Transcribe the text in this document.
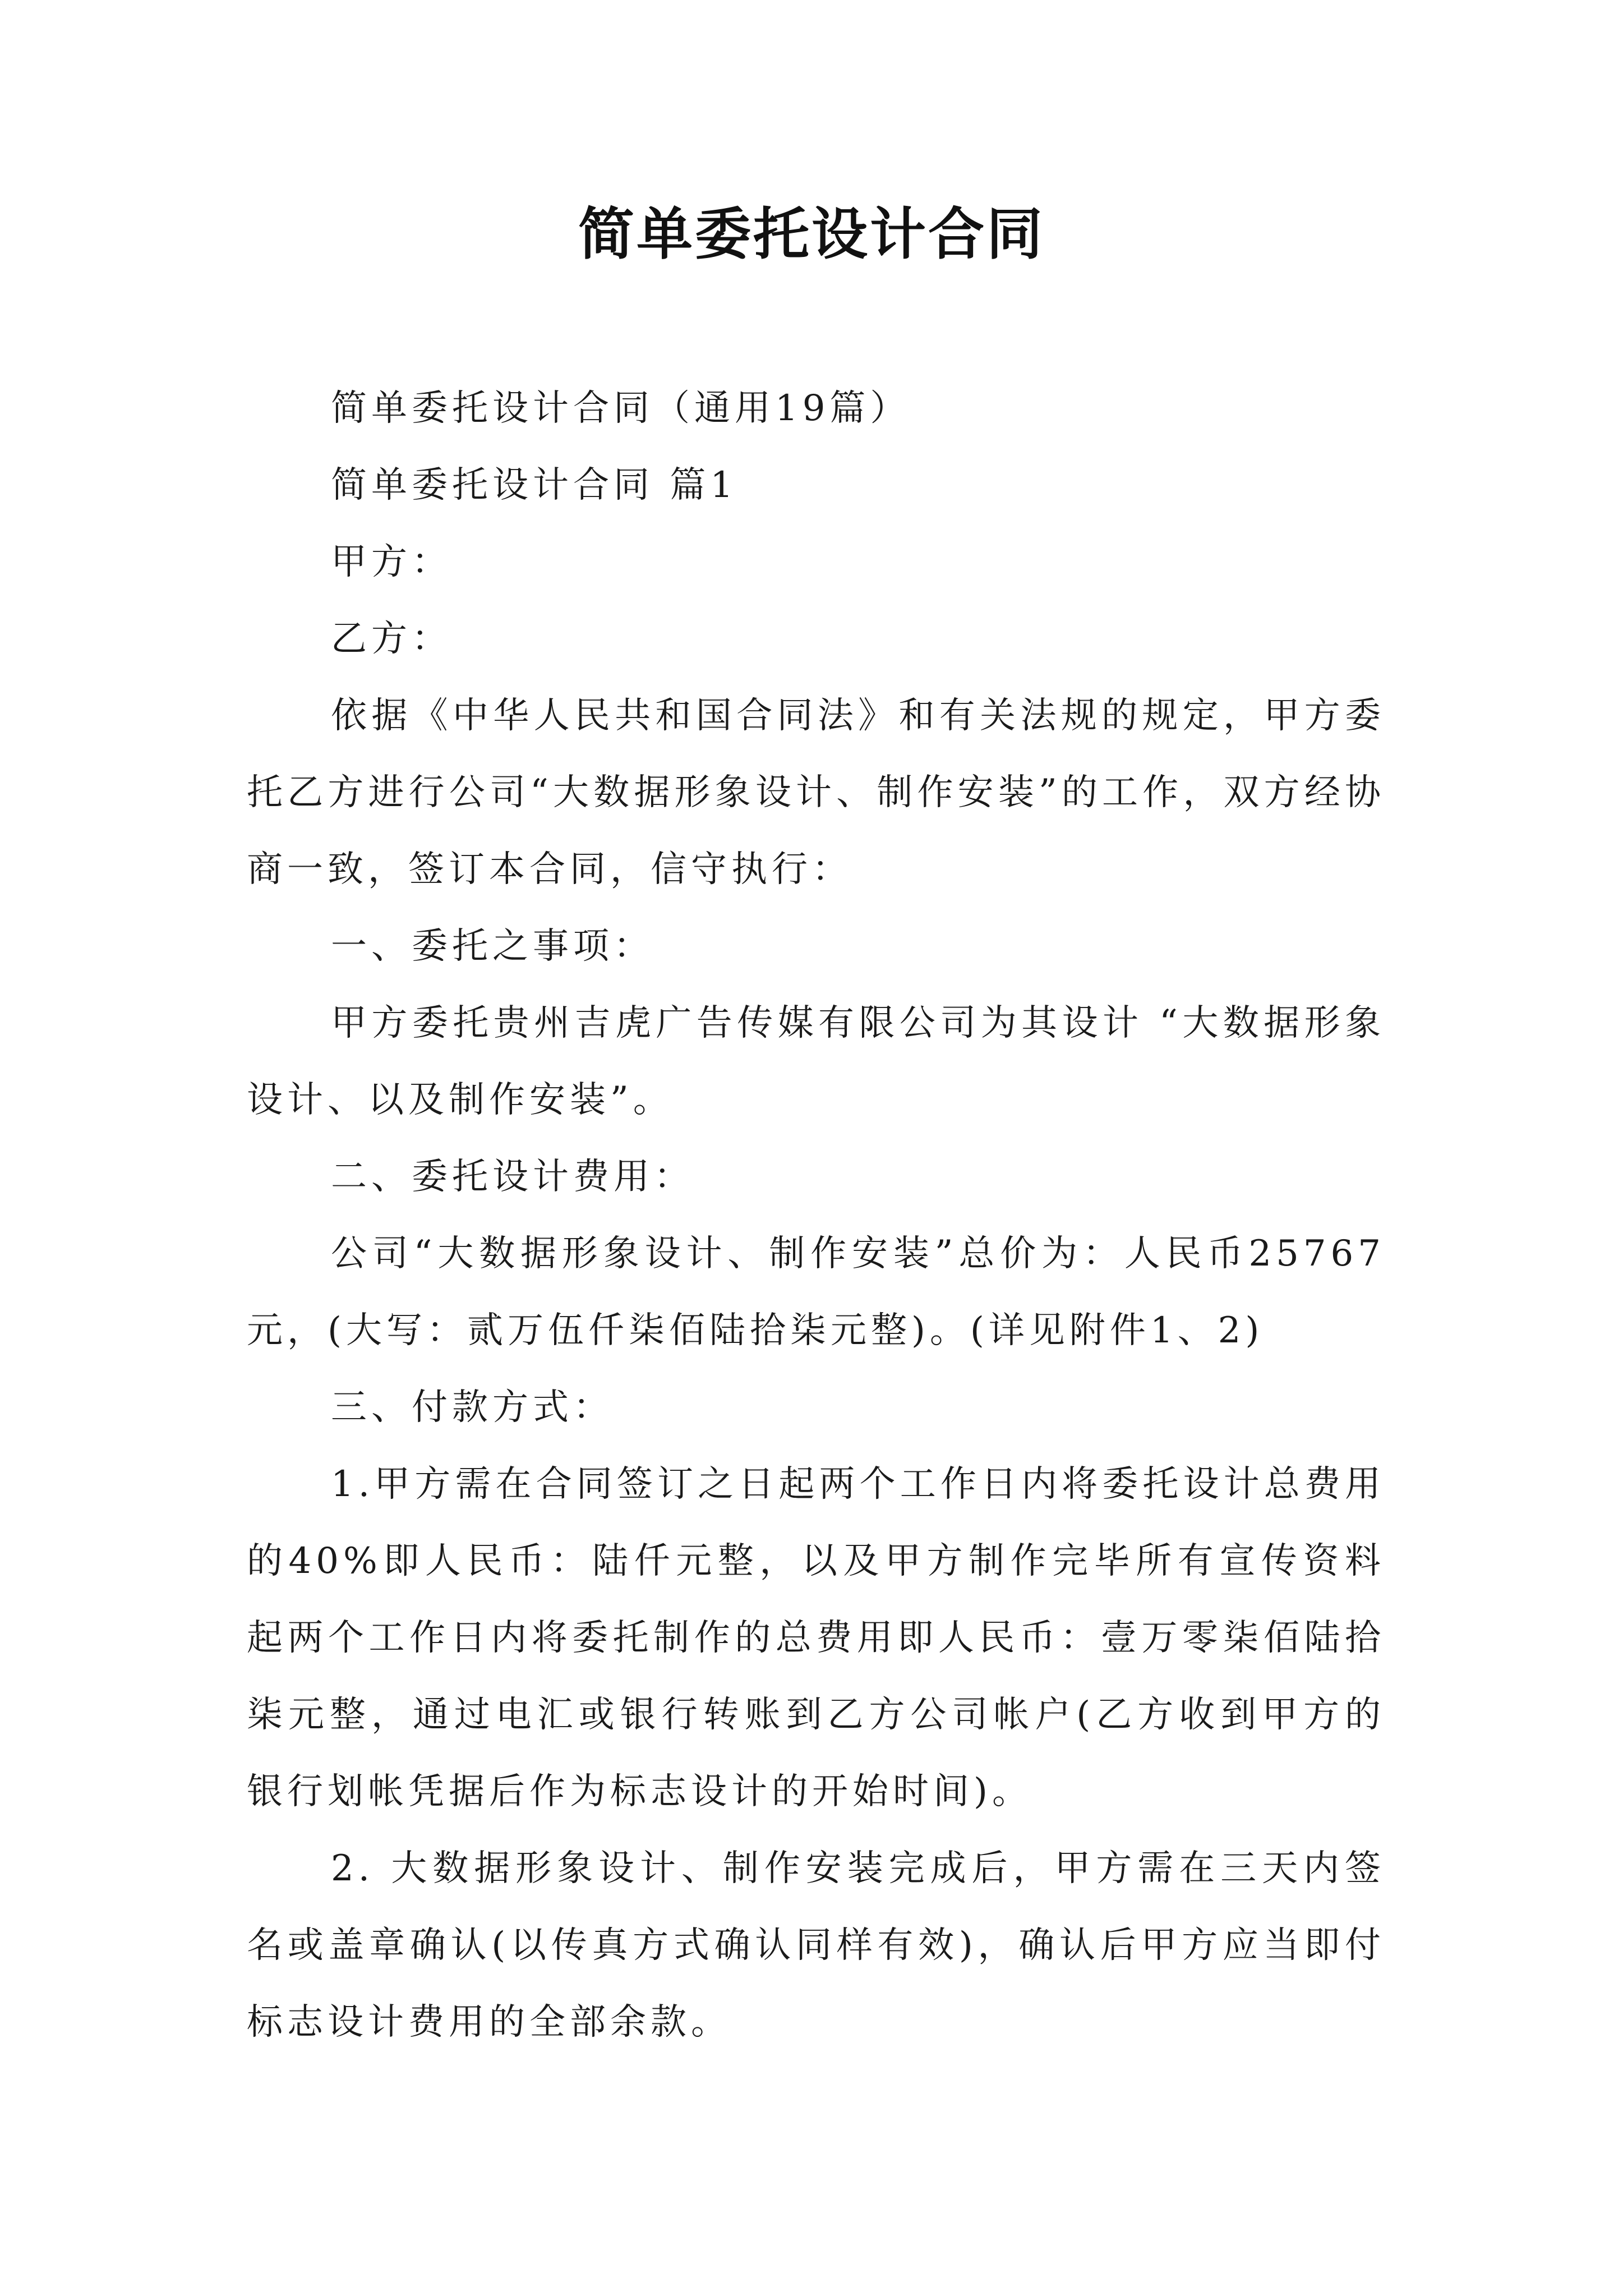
简单委托设计合同

简单委托设计合同（通用19篇）

简单委托设计合同 篇1

甲方：

乙方：

依据《中华人民共和国合同法》和有关法规的规定，甲方委托乙方进行公司“大数据形象设计、制作安装”的工作，双方经协商一致，签订本合同，信守执行：

一、委托之事项：

甲方委托贵州吉虎广告传媒有限公司为其设计 “大数据形象设计、以及制作安装”。

二、委托设计费用：

公司“大数据形象设计、制作安装”总价为：人民币25767元，(大写：贰万伍仟柒佰陆拾柒元整)。(详见附件1、2)

三、付款方式：

1.甲方需在合同签订之日起两个工作日内将委托设计总费用的40%即人民币：陆仟元整，以及甲方制作完毕所有宣传资料起两个工作日内将委托制作的总费用即人民币：壹万零柒佰陆拾柒元整，通过电汇或银行转账到乙方公司帐户(乙方收到甲方的银行划帐凭据后作为标志设计的开始时间)。

2. 大数据形象设计、制作安装完成后，甲方需在三天内签名或盖章确认(以传真方式确认同样有效)，确认后甲方应当即付标志设计费用的全部余款。
